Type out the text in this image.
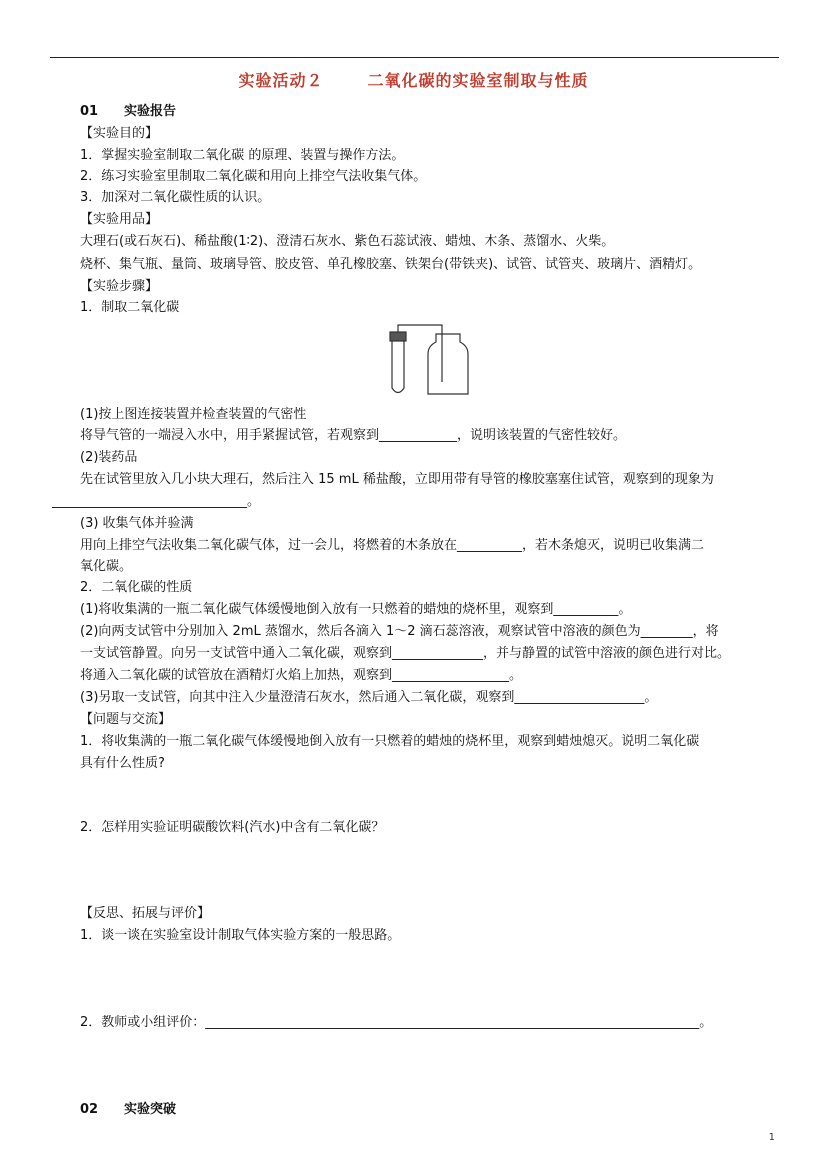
实验活动２	二氧化碳的实验室制取与性质
01 实验报告
【实验目的】
1．掌握实验室制取二氧化碳 的原理、装置与操作方法。
2．练习实验室里制取二氧化碳和用向上排空气法收集气体。
3．加深对二氧化碳性质的认识。
【实验用品】
大理石(或石灰石)、稀盐酸(1∶2)、澄清石灰水、紫色石蕊试液、蜡烛、木条、蒸馏水、火柴。
烧杯、集气瓶、量筒、玻璃导管、胶皮管、单孔橡胶塞、铁架台(带铁夹)、试管、试管夹、玻璃片、酒精灯。
【实验步骤】
1．制取二氧化碳
(1)按上图连接装置并检查装置的气密性
将导气管的一端浸入水中，用手紧握试管，若观察到____________，说明该装置的气密性较好。
(2)装药品
先在试管里放入几小块大理石，然后注入 15 mL 稀盐酸，立即用带有导管的橡胶塞塞住试管，观察到的现象为
______________________________。
(3) 收集气体并验满
用向上排空气法收集二氧化碳气体，过一会儿，将燃着的木条放在__________，若木条熄灭，说明已收集满二
氧化碳。
2．二氧化碳的性质
(1)将收集满的一瓶二氧化碳气体缓慢地倒入放有一只燃着的蜡烛的烧杯里，观察到__________。
(2)向两支试管中分别加入 2mL 蒸馏水，然后各滴入 1～2 滴石蕊溶液，观察试管中溶液的颜色为________，将
一支试管静置。向另一支试管中通入二氧化碳，观察到______________，并与静置的试管中溶液的颜色进行对比。
将通入二氧化碳的试管放在酒精灯火焰上加热，观察到__________________。
(3)另取一支试管，向其中注入少量澄清石灰水，然后通入二氧化碳，观察到____________________。
【问题与交流】
1．将收集满的一瓶二氧化碳气体缓慢地倒入放有一只燃着的蜡烛的烧杯里，观察到蜡烛熄灭。说明二氧化碳
具有什么性质?
2．怎样用实验证明碳酸饮料(汽水)中含有二氧化碳？
【反思、拓展与评价】
1．谈一谈在实验室设计制取气体实验方案的一般思路。
2．教师或小组评价：____________________________________________________________________________。
02 实验突破
1
